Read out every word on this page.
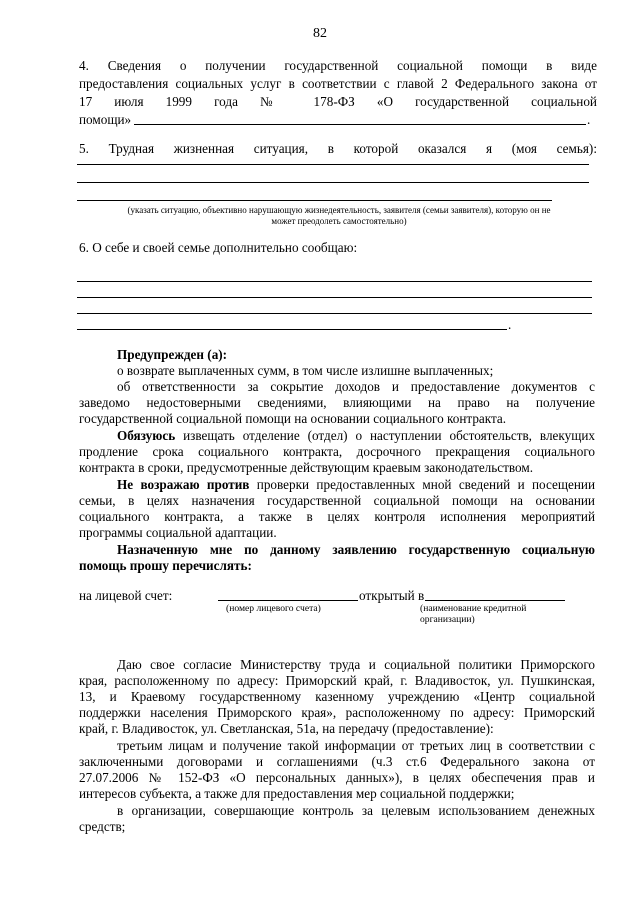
82
4. Сведения о получении государственной социальной помощи в виде
предоставления социальных услуг в соответствии с главой 2 Федерального закона от
17 июля 1999 года № 178-ФЗ «О государственной социальной
помощи»	.
5. Трудная жизненная ситуация, в которой оказался я (моя семья):
(указать ситуацию, объективно нарушающую жизнедеятельность, заявителя (семьи заявителя), которую он не
может преодолеть самостоятельно)
6. О себе и своей семье дополнительно сообщаю:
.
Предупрежден (а):
о возврате выплаченных сумм, в том числе излишне выплаченных;
об ответственности за сокрытие доходов и предоставление документов с
заведомо недостоверными сведениями, влияющими на право на получение
государственной социальной помощи на основании социального контракта.
Обязуюсь извещать отделение (отдел) о наступлении обстоятельств, влекущих
продление срока социального контракта, досрочного прекращения социального
контракта в сроки, предусмотренные действующим краевым законодательством.
Не возражаю против проверки предоставленных мной сведений и посещении
семьи, в целях назначения государственной социальной помощи на основании
социального контракта, а также в целях контроля исполнения мероприятий
программы социальной адаптации.
Назначенную мне по данному заявлению государственную социальную
помощь прошу перечислять:
на лицевой счет:	открытый в
(номер лицевого счета)	(наименование кредитной
организации)
Даю свое согласие Министерству труда и социальной политики Приморского
края, расположенному по адресу: Приморский край, г. Владивосток, ул. Пушкинская,
13, и Краевому государственному казенному учреждению «Центр социальной
поддержки населения Приморского края», расположенному по адресу: Приморский
край, г. Владивосток, ул. Светланская, 51а, на передачу (предоставление):
третьим лицам и получение такой информации от третьих лиц в соответствии с
заключенными договорами и соглашениями (ч.3 ст.6 Федерального закона от
27.07.2006 № 152-ФЗ «О персональных данных»), в целях обеспечения прав и
интересов субъекта, а также для предоставления мер социальной поддержки;
в организации, совершающие контроль за целевым использованием денежных
средств;
